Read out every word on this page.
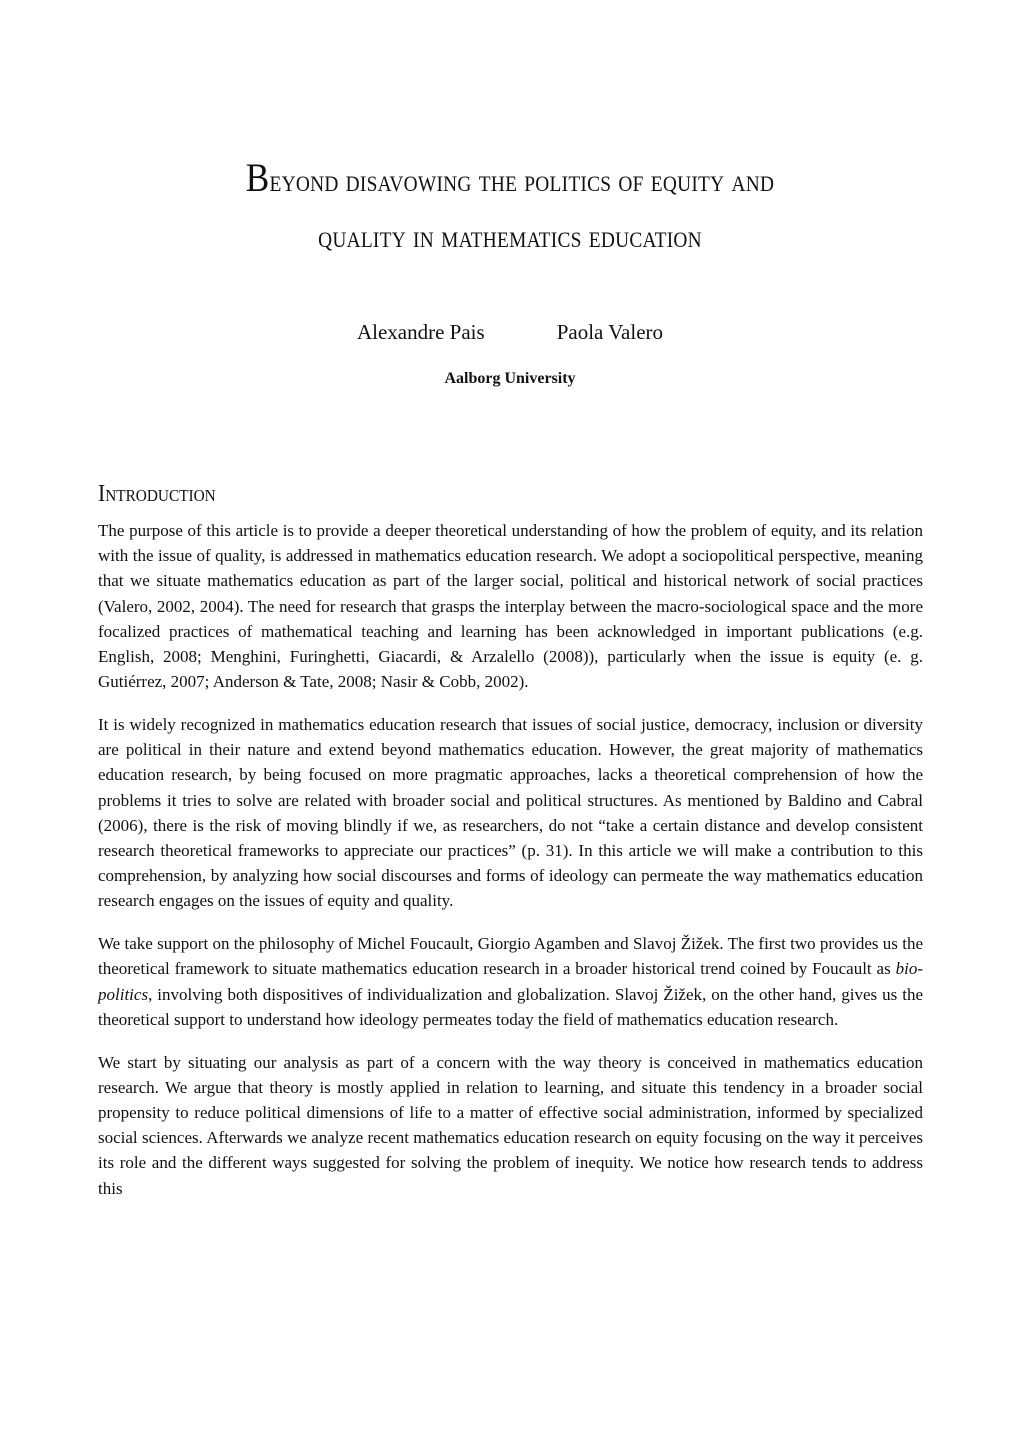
Beyond disavowing the politics of equity and
quality in mathematics education
Alexandre Pais	Paola Valero
Aalborg University
Introduction

The purpose of this article is to provide a deeper theoretical understanding of how the problem of equity, and its relation with the issue of quality, is addressed in mathematics education research. We adopt a sociopolitical perspective, meaning that we situate mathematics education as part of the larger social, political and historical network of social practices (Valero, 2002, 2004). The need for research that grasps the interplay between the macro-sociological space and the more focalized practices of mathematical teaching and learning has been acknowledged in important publications (e.g. English, 2008; Menghini, Furinghetti, Giacardi, & Arzalello (2008)), particularly when the issue is equity (e. g. Gutiérrez, 2007; Anderson & Tate, 2008; Nasir & Cobb, 2002).

It is widely recognized in mathematics education research that issues of social justice, democracy, inclusion or diversity are political in their nature and extend beyond mathematics education. However, the great majority of mathematics education research, by being focused on more pragmatic approaches, lacks a theoretical comprehension of how the problems it tries to solve are related with broader social and political structures. As mentioned by Baldino and Cabral (2006), there is the risk of moving blindly if we, as researchers, do not “take a certain distance and develop consistent research theoretical frameworks to appreciate our practices” (p. 31). In this article we will make a contribution to this comprehension, by analyzing how social discourses and forms of ideology can permeate the way mathematics education research engages on the issues of equity and quality.

We take support on the philosophy of Michel Foucault, Giorgio Agamben and Slavoj Žižek. The first two provides us the theoretical framework to situate mathematics education research in a broader historical trend coined by Foucault as bio-politics, involving both dispositives of individualization and globalization. Slavoj Žižek, on the other hand, gives us the theoretical support to understand how ideology permeates today the field of mathematics education research.

We start by situating our analysis as part of a concern with the way theory is conceived in mathematics education research. We argue that theory is mostly applied in relation to learning, and situate this tendency in a broader social propensity to reduce political dimensions of life to a matter of effective social administration, informed by specialized social sciences. Afterwards we analyze recent mathematics education research on equity focusing on the way it perceives its role and the different ways suggested for solving the problem of inequity. We notice how research tends to address this
